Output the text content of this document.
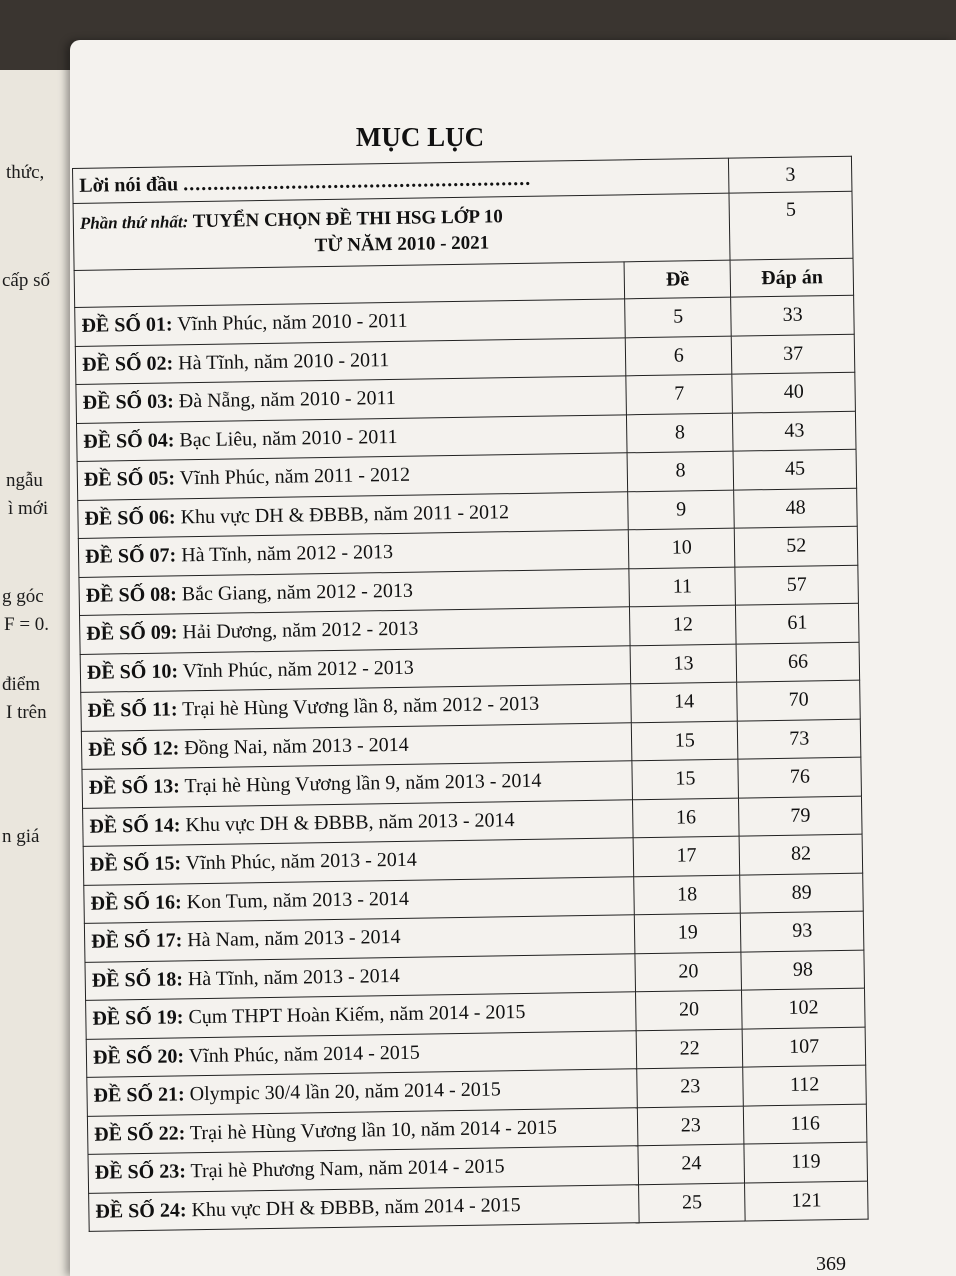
thức,
cấp số
ngẫu
ì mới
g góc
F = 0.
điểm
I trên
n giá
MỤC LỤC
Lời nói đầu ..........................................................		3

Phần thứ nhất: TUYỂN CHỌN ĐỀ THI HSG LỚP 10
TỪ NĂM 2010 - 2021		5
	Đề	Đáp án
ĐỀ SỐ 01: Vĩnh Phúc, năm 2010 - 2011	5	33
ĐỀ SỐ 02: Hà Tĩnh, năm 2010 - 2011	6	37
ĐỀ SỐ 03: Đà Nẵng, năm 2010 - 2011	7	40
ĐỀ SỐ 04: Bạc Liêu, năm 2010 - 2011	8	43
ĐỀ SỐ 05: Vĩnh Phúc, năm 2011 - 2012	8	45
ĐỀ SỐ 06: Khu vực DH & ĐBBB, năm 2011 - 2012	9	48
ĐỀ SỐ 07: Hà Tĩnh, năm 2012 - 2013	10	52
ĐỀ SỐ 08: Bắc Giang, năm 2012 - 2013	11	57
ĐỀ SỐ 09: Hải Dương, năm 2012 - 2013	12	61
ĐỀ SỐ 10: Vĩnh Phúc, năm 2012 - 2013	13	66
ĐỀ SỐ 11: Trại hè Hùng Vương lần 8, năm 2012 - 2013	14	70
ĐỀ SỐ 12: Đồng Nai, năm 2013 - 2014	15	73
ĐỀ SỐ 13: Trại hè Hùng Vương lần 9, năm 2013 - 2014	15	76
ĐỀ SỐ 14: Khu vực DH & ĐBBB, năm 2013 - 2014	16	79
ĐỀ SỐ 15: Vĩnh Phúc, năm 2013 - 2014	17	82
ĐỀ SỐ 16: Kon Tum, năm 2013 - 2014	18	89
ĐỀ SỐ 17: Hà Nam, năm 2013 - 2014	19	93
ĐỀ SỐ 18: Hà Tĩnh, năm 2013 - 2014	20	98
ĐỀ SỐ 19: Cụm THPT Hoàn Kiếm, năm 2014 - 2015	20	102
ĐỀ SỐ 20: Vĩnh Phúc, năm 2014 - 2015	22	107
ĐỀ SỐ 21: Olympic 30/4 lần 20, năm 2014 - 2015	23	112
ĐỀ SỐ 22: Trại hè Hùng Vương lần 10, năm 2014 - 2015	23	116
ĐỀ SỐ 23: Trại hè Phương Nam, năm 2014 - 2015	24	119
ĐỀ SỐ 24: Khu vực DH & ĐBBB, năm 2014 - 2015	25	121
369
